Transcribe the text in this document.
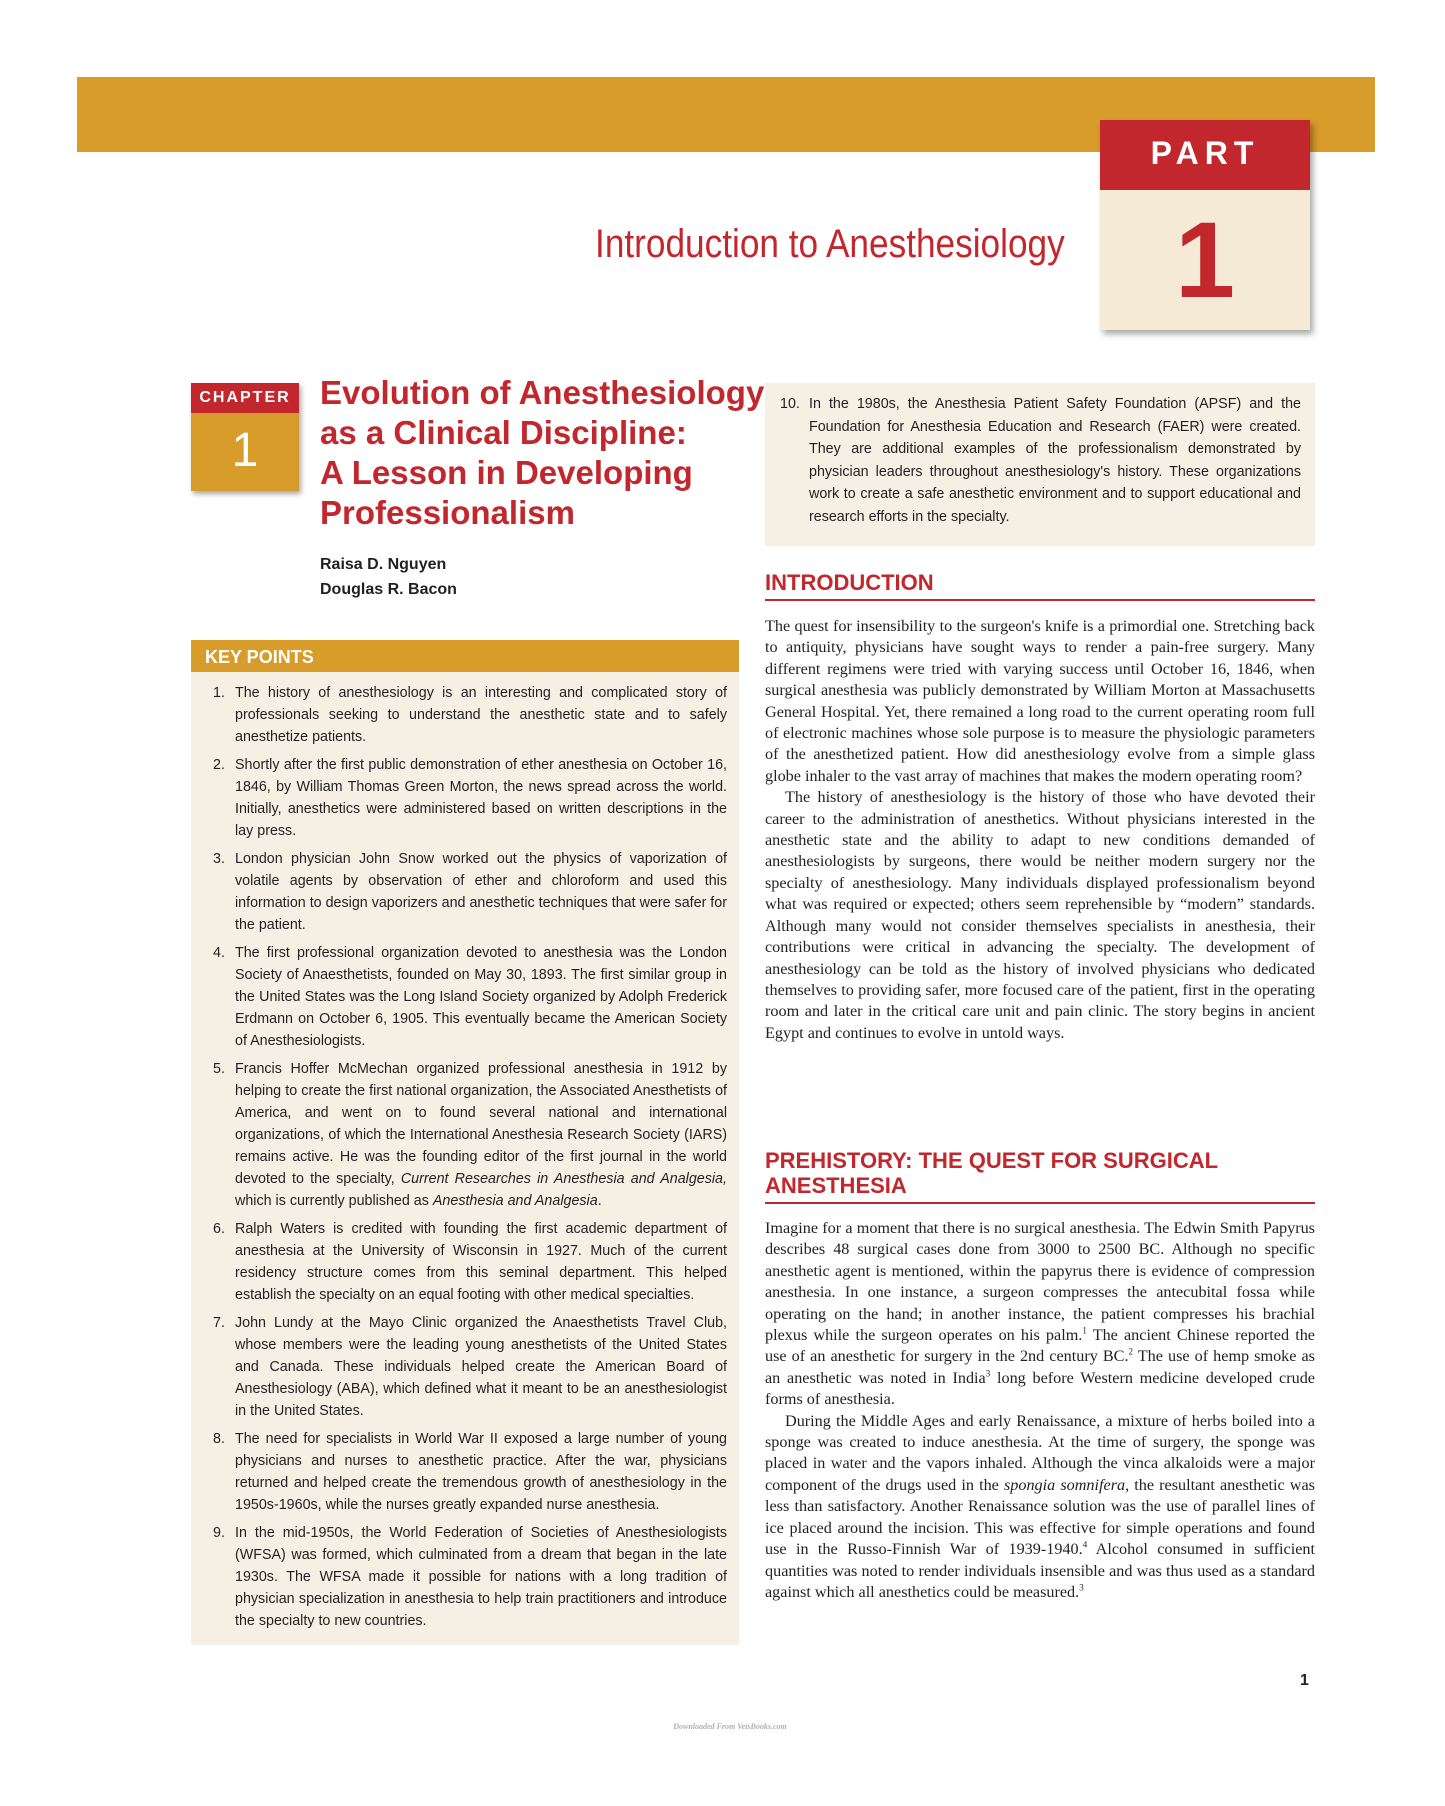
Introduction to Anesthesiology
PART
1
CHAPTER
1
Evolution of Anesthesiology
as a Clinical Discipline:
A Lesson in Developing
Professionalism
Raisa D. Nguyen
Douglas R. Bacon
KEY POINTS
1. The history of anesthesiology is an interesting and complicated story of professionals seeking to understand the anesthetic state and to safely anesthetize patients.
2. Shortly after the first public demonstration of ether anesthesia on October 16, 1846, by William Thomas Green Morton, the news spread across the world. Initially, anesthetics were administered based on written descriptions in the lay press.
3. London physician John Snow worked out the physics of vaporization of volatile agents by observation of ether and chloroform and used this information to design vaporizers and anesthetic techniques that were safer for the patient.
4. The first professional organization devoted to anesthesia was the London Society of Anaesthetists, founded on May 30, 1893. The first similar group in the United States was the Long Island Society organized by Adolph Frederick Erdmann on October 6, 1905. This eventually became the American Society of Anesthesiologists.
5. Francis Hoffer McMechan organized professional anesthesia in 1912 by helping to create the first national organization, the Associated Anesthetists of America, and went on to found several national and international organizations, of which the International Anesthesia Research Society (IARS) remains active. He was the founding editor of the first journal in the world devoted to the specialty, Current Researches in Anesthesia and Analgesia, which is currently published as Anesthesia and Analgesia.
6. Ralph Waters is credited with founding the first academic department of anesthesia at the University of Wisconsin in 1927. Much of the current residency structure comes from this seminal department. This helped establish the specialty on an equal footing with other medical specialties.
7. John Lundy at the Mayo Clinic organized the Anaesthetists Travel Club, whose members were the leading young anesthetists of the United States and Canada. These individuals helped create the American Board of Anesthesiology (ABA), which defined what it meant to be an anesthesiologist in the United States.
8. The need for specialists in World War II exposed a large number of young physicians and nurses to anesthetic practice. After the war, physicians returned and helped create the tremendous growth of anesthesiology in the 1950s-1960s, while the nurses greatly expanded nurse anesthesia.
9. In the mid-1950s, the World Federation of Societies of Anesthesiologists (WFSA) was formed, which culminated from a dream that began in the late 1930s. The WFSA made it possible for nations with a long tradition of physician specialization in anesthesia to help train practitioners and introduce the specialty to new countries.
10. In the 1980s, the Anesthesia Patient Safety Foundation (APSF) and the Foundation for Anesthesia Education and Research (FAER) were created. They are additional examples of the professionalism demonstrated by physician leaders throughout anesthesiology's history. These organizations work to create a safe anesthetic environment and to support educational and research efforts in the specialty.
INTRODUCTION

The quest for insensibility to the surgeon's knife is a primordial one. Stretching back to antiquity, physicians have sought ways to render a pain-free surgery. Many different regimens were tried with varying success until October 16, 1846, when surgical anesthesia was publicly demonstrated by William Morton at Massachusetts General Hospital. Yet, there remained a long road to the current operating room full of electronic machines whose sole purpose is to measure the physiologic parameters of the anesthetized patient. How did anesthesiology evolve from a simple glass globe inhaler to the vast array of machines that makes the modern operating room?

The history of anesthesiology is the history of those who have devoted their career to the administration of anesthetics. Without physicians interested in the anesthetic state and the ability to adapt to new conditions demanded of anesthesiologists by surgeons, there would be neither modern surgery nor the specialty of anesthesiology. Many individuals displayed professionalism beyond what was required or expected; others seem reprehensible by “modern” standards. Although many would not consider themselves specialists in anesthesia, their contributions were critical in advancing the specialty. The development of anesthesiology can be told as the history of involved physicians who dedicated themselves to providing safer, more focused care of the patient, first in the operating room and later in the critical care unit and pain clinic. The story begins in ancient Egypt and continues to evolve in untold ways.

PREHISTORY: THE QUEST FOR SURGICAL
ANESTHESIA

Imagine for a moment that there is no surgical anesthesia. The Edwin Smith Papyrus describes 48 surgical cases done from 3000 to 2500 BC. Although no specific anesthetic agent is mentioned, within the papyrus there is evidence of compression anesthesia. In one instance, a surgeon compresses the antecubital fossa while operating on the hand; in another instance, the patient compresses his brachial plexus while the surgeon operates on his palm.$^1$ The ancient Chinese reported the use of an anesthetic for surgery in the 2nd century BC.$^2$ The use of hemp smoke as an anesthetic was noted in India$^3$ long before Western medicine developed crude forms of anesthesia.

During the Middle Ages and early Renaissance, a mixture of herbs boiled into a sponge was created to induce anesthesia. At the time of surgery, the sponge was placed in water and the vapors inhaled. Although the vinca alkaloids were a major component of the drugs used in the spongia somnifera, the resultant anesthetic was less than satisfactory. Another Renaissance solution was the use of parallel lines of ice placed around the incision. This was effective for simple operations and found use in the Russo-Finnish War of 1939-1940.$^4$ Alcohol consumed in sufficient quantities was noted to render individuals insensible and was thus used as a standard against which all anesthetics could be measured.$^3$

1
Downloaded From VetsBooks.com
